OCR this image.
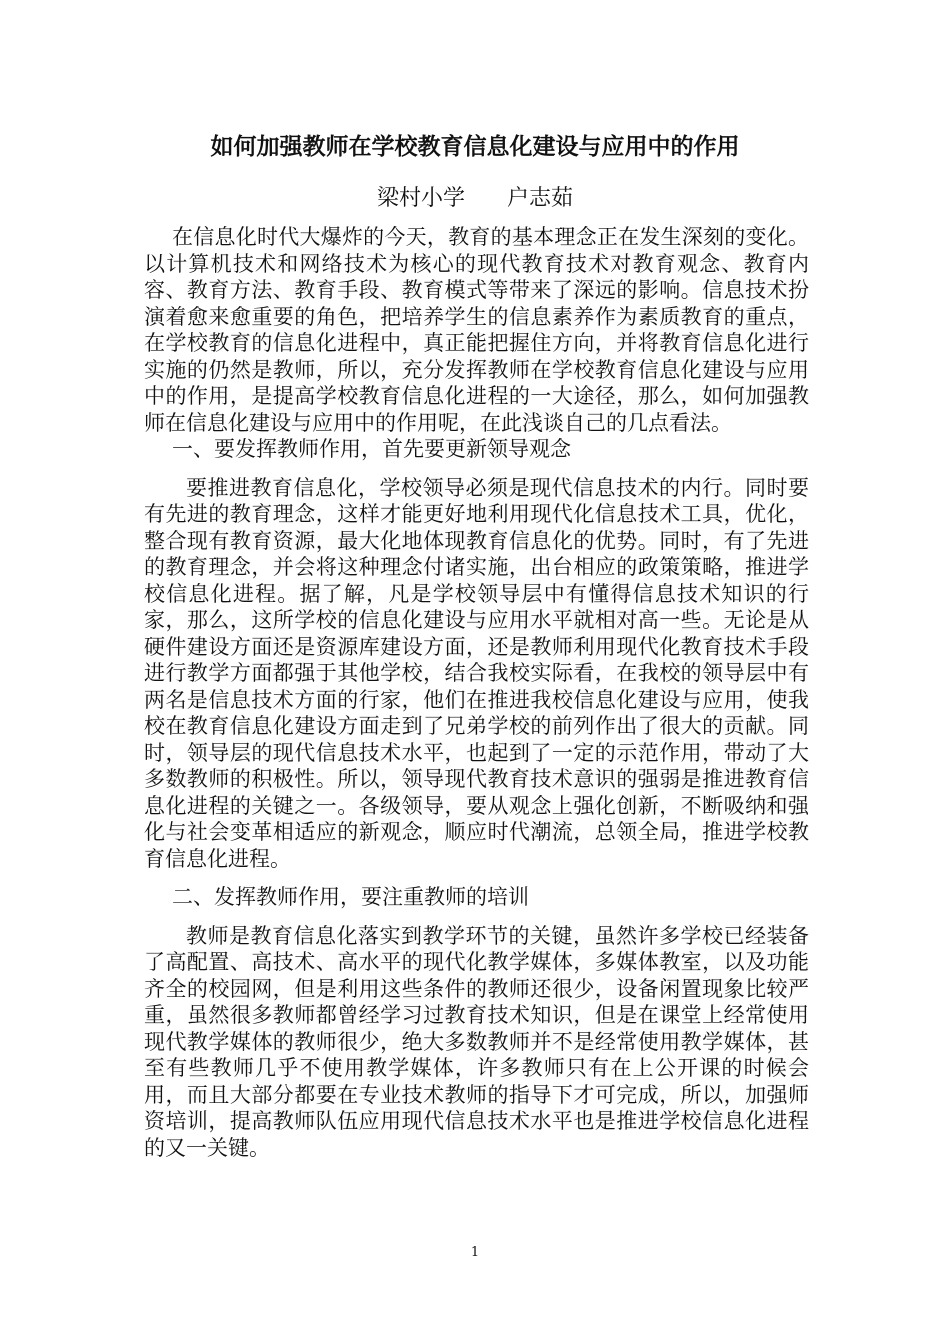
如何加强教师在学校教育信息化建设与应用中的作用
梁村小学      户志茹

在信息化时代大爆炸的今天，教育的基本理念正在发生深刻的变化。以计算机技术和网络技术为核心的现代教育技术对教育观念、教育内容、教育方法、教育手段、教育模式等带来了深远的影响。信息技术扮演着愈来愈重要的角色，把培养学生的信息素养作为素质教育的重点，在学校教育的信息化进程中，真正能把握住方向，并将教育信息化进行实施的仍然是教师，所以，充分发挥教师在学校教育信息化建设与应用中的作用，是提高学校教育信息化进程的一大途径，那么，如何加强教师在信息化建设与应用中的作用呢，在此浅谈自己的几点看法。

一、要发挥教师作用，首先要更新领导观念

要推进教育信息化，学校领导必须是现代信息技术的内行。同时要有先进的教育理念，这样才能更好地利用现代化信息技术工具，优化，整合现有教育资源，最大化地体现教育信息化的优势。同时，有了先进的教育理念，并会将这种理念付诸实施，出台相应的政策策略，推进学校信息化进程。据了解，凡是学校领导层中有懂得信息技术知识的行家，那么，这所学校的信息化建设与应用水平就相对高一些。无论是从硬件建设方面还是资源库建设方面，还是教师利用现代化教育技术手段进行教学方面都强于其他学校，结合我校实际看，在我校的领导层中有两名是信息技术方面的行家，他们在推进我校信息化建设与应用，使我校在教育信息化建设方面走到了兄弟学校的前列作出了很大的贡献。同时，领导层的现代信息技术水平，也起到了一定的示范作用，带动了大多数教师的积极性。所以，领导现代教育技术意识的强弱是推进教育信息化进程的关键之一。各级领导，要从观念上强化创新，不断吸纳和强化与社会变革相适应的新观念，顺应时代潮流，总领全局，推进学校教育信息化进程。

二、发挥教师作用，要注重教师的培训

教师是教育信息化落实到教学环节的关键，虽然许多学校已经装备了高配置、高技术、高水平的现代化教学媒体，多媒体教室，以及功能齐全的校园网，但是利用这些条件的教师还很少，设备闲置现象比较严重，虽然很多教师都曾经学习过教育技术知识，但是在课堂上经常使用现代教学媒体的教师很少，绝大多数教师并不是经常使用教学媒体，甚至有些教师几乎不使用教学媒体，许多教师只有在上公开课的时候会用，而且大部分都要在专业技术教师的指导下才可完成，所以，加强师资培训，提高教师队伍应用现代信息技术水平也是推进学校信息化进程的又一关键。

1
